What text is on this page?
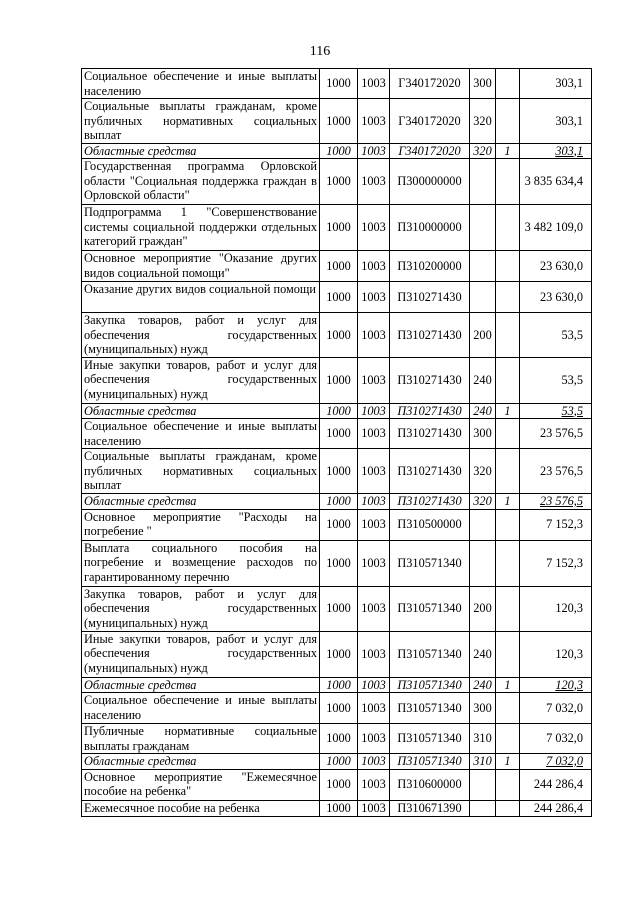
116
Социальное обеспечение и иные выплаты населению	1000	1003	Г340172020	300		303,1
Социальные выплаты гражданам, кроме публичных нормативных социальных выплат	1000	1003	Г340172020	320		303,1
Областные средства	1000	1003	Г340172020	320	1	303,1
Государственная программа Орловской области "Социальная поддержка граждан в Орловской области"	1000	1003	П300000000			3 835 634,4
Подпрограмма 1 "Совершенствование системы социальной поддержки отдельных категорий граждан"	1000	1003	П310000000			3 482 109,0
Основное мероприятие "Оказание других видов социальной помощи"	1000	1003	П310200000			23 630,0
Оказание других видов социальной помощи	1000	1003	П310271430			23 630,0
Закупка товаров, работ и услуг для обеспечения государственных (муниципальных) нужд	1000	1003	П310271430	200		53,5
Иные закупки товаров, работ и услуг для обеспечения государственных (муниципальных) нужд	1000	1003	П310271430	240		53,5
Областные средства	1000	1003	П310271430	240	1	53,5
Социальное обеспечение и иные выплаты населению	1000	1003	П310271430	300		23 576,5
Социальные выплаты гражданам, кроме публичных нормативных социальных выплат	1000	1003	П310271430	320		23 576,5
Областные средства	1000	1003	П310271430	320	1	23 576,5
Основное мероприятие "Расходы на погребение "	1000	1003	П310500000			7 152,3
Выплата социального пособия на погребение и возмещение расходов по гарантированному перечню	1000	1003	П310571340			7 152,3
Закупка товаров, работ и услуг для обеспечения государственных (муниципальных) нужд	1000	1003	П310571340	200		120,3
Иные закупки товаров, работ и услуг для обеспечения государственных (муниципальных) нужд	1000	1003	П310571340	240		120,3
Областные средства	1000	1003	П310571340	240	1	120,3
Социальное обеспечение и иные выплаты населению	1000	1003	П310571340	300		7 032,0
Публичные нормативные социальные выплаты гражданам	1000	1003	П310571340	310		7 032,0
Областные средства	1000	1003	П310571340	310	1	7 032,0
Основное мероприятие "Ежемесячное пособие на ребенка"	1000	1003	П310600000			244 286,4
Ежемесячное пособие на ребенка	1000	1003	П310671390			244 286,4
